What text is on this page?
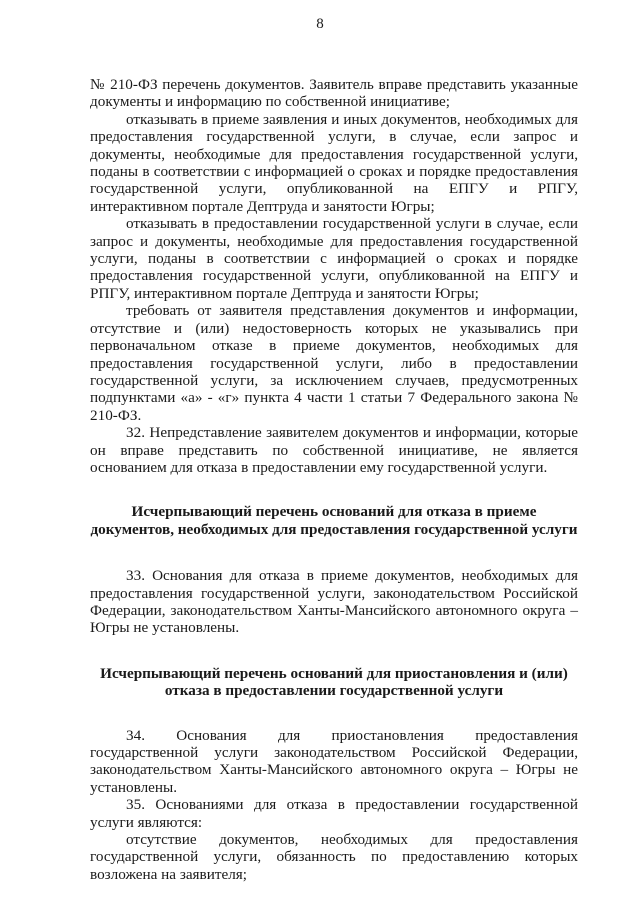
8

№ 210-ФЗ перечень документов. Заявитель вправе представить указанные документы и информацию по собственной инициативе;

отказывать в приеме заявления и иных документов, необходимых для предоставления государственной услуги, в случае, если запрос и документы, необходимые для предоставления государственной услуги, поданы в соответствии с информацией о сроках и порядке предоставления государственной услуги, опубликованной на ЕПГУ и РПГУ, интерактивном портале Дептруда и занятости Югры;

отказывать в предоставлении государственной услуги в случае, если запрос и документы, необходимые для предоставления государственной услуги, поданы в соответствии с информацией о сроках и порядке предоставления государственной услуги, опубликованной на ЕПГУ и РПГУ, интерактивном портале Дептруда и занятости Югры;

требовать от заявителя представления документов и информации, отсутствие и (или) недостоверность которых не указывались при первоначальном отказе в приеме документов, необходимых для предоставления государственной услуги, либо в предоставлении государственной услуги, за исключением случаев, предусмотренных подпунктами «а» - «г» пункта 4 части 1 статьи 7 Федерального закона № 210-ФЗ.

32. Непредставление заявителем документов и информации, которые он вправе представить по собственной инициативе, не является основанием для отказа в предоставлении ему государственной услуги.

Исчерпывающий перечень оснований для отказа в приеме документов, необходимых для предоставления государственной услуги

33. Основания для отказа в приеме документов, необходимых для предоставления государственной услуги, законодательством Российской Федерации, законодательством Ханты-Мансийского автономного округа – Югры не установлены.

Исчерпывающий перечень оснований для приостановления и (или) отказа в предоставлении государственной услуги

34. Основания для приостановления предоставления государственной услуги законодательством Российской Федерации, законодательством Ханты-Мансийского автономного округа – Югры не установлены.

35. Основаниями для отказа в предоставлении государственной услуги являются:

отсутствие документов, необходимых для предоставления государственной услуги, обязанность по предоставлению которых возложена на заявителя;
